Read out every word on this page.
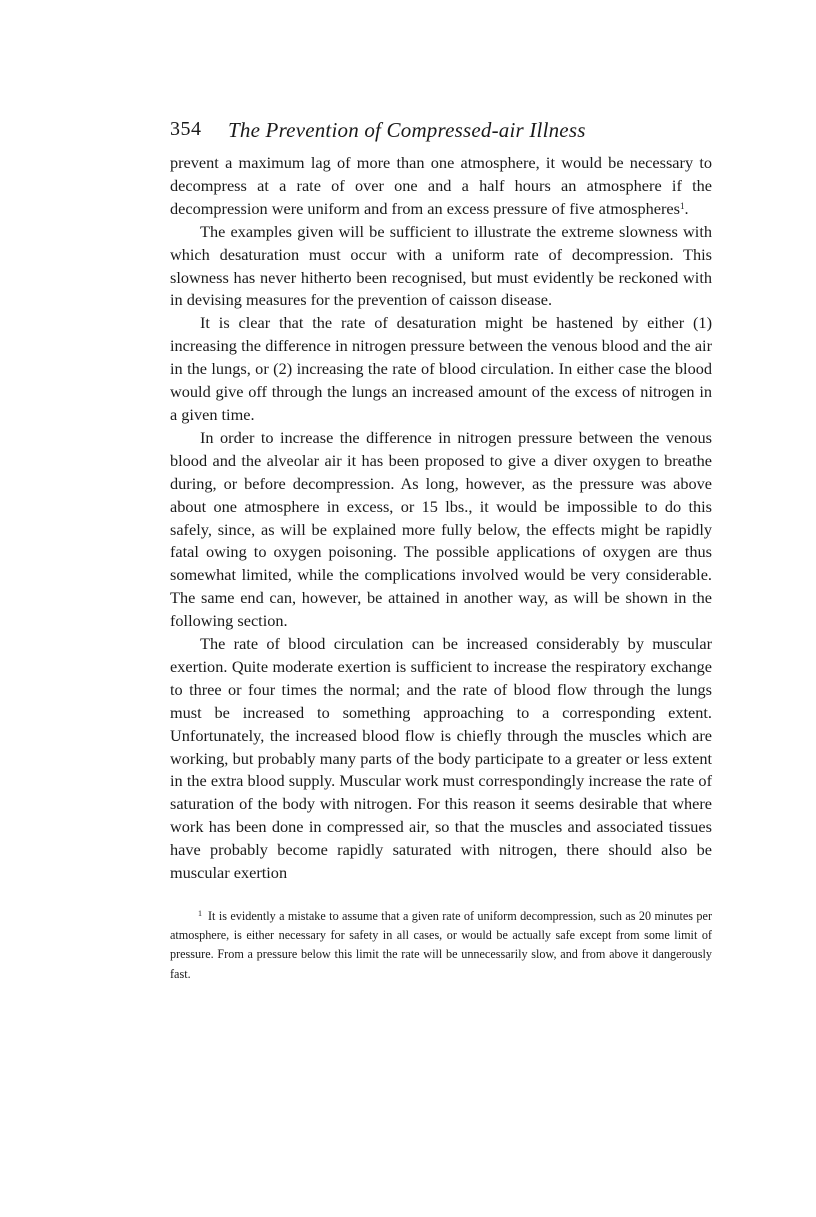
354 The Prevention of Compressed-air Illness

prevent a maximum lag of more than one atmosphere, it would be necessary to decompress at a rate of over one and a half hours an atmosphere if the decompression were uniform and from an excess pressure of five atmospheres$^1$.

The examples given will be sufficient to illustrate the extreme slowness with which desaturation must occur with a uniform rate of decompression. This slowness has never hitherto been recognised, but must evidently be reckoned with in devising measures for the prevention of caisson disease.

It is clear that the rate of desaturation might be hastened by either (1) increasing the difference in nitrogen pressure between the venous blood and the air in the lungs, or (2) increasing the rate of blood circulation. In either case the blood would give off through the lungs an increased amount of the excess of nitrogen in a given time.

In order to increase the difference in nitrogen pressure between the venous blood and the alveolar air it has been proposed to give a diver oxygen to breathe during, or before decompression. As long, however, as the pressure was above about one atmosphere in excess, or 15 lbs., it would be impossible to do this safely, since, as will be explained more fully below, the effects might be rapidly fatal owing to oxygen poisoning. The possible applications of oxygen are thus somewhat limited, while the complications involved would be very considerable. The same end can, however, be attained in another way, as will be shown in the following section.

The rate of blood circulation can be increased considerably by muscular exertion. Quite moderate exertion is sufficient to increase the respiratory exchange to three or four times the normal; and the rate of blood flow through the lungs must be increased to something approaching to a corresponding extent. Unfortunately, the increased blood flow is chiefly through the muscles which are working, but probably many parts of the body participate to a greater or less extent in the extra blood supply. Muscular work must correspondingly increase the rate of saturation of the body with nitrogen. For this reason it seems desirable that where work has been done in compressed air, so that the muscles and associated tissues have probably become rapidly saturated with nitrogen, there should also be muscular exertion

1 It is evidently a mistake to assume that a given rate of uniform decompression, such as 20 minutes per atmosphere, is either necessary for safety in all cases, or would be actually safe except from some limit of pressure. From a pressure below this limit the rate will be unnecessarily slow, and from above it dangerously fast.
